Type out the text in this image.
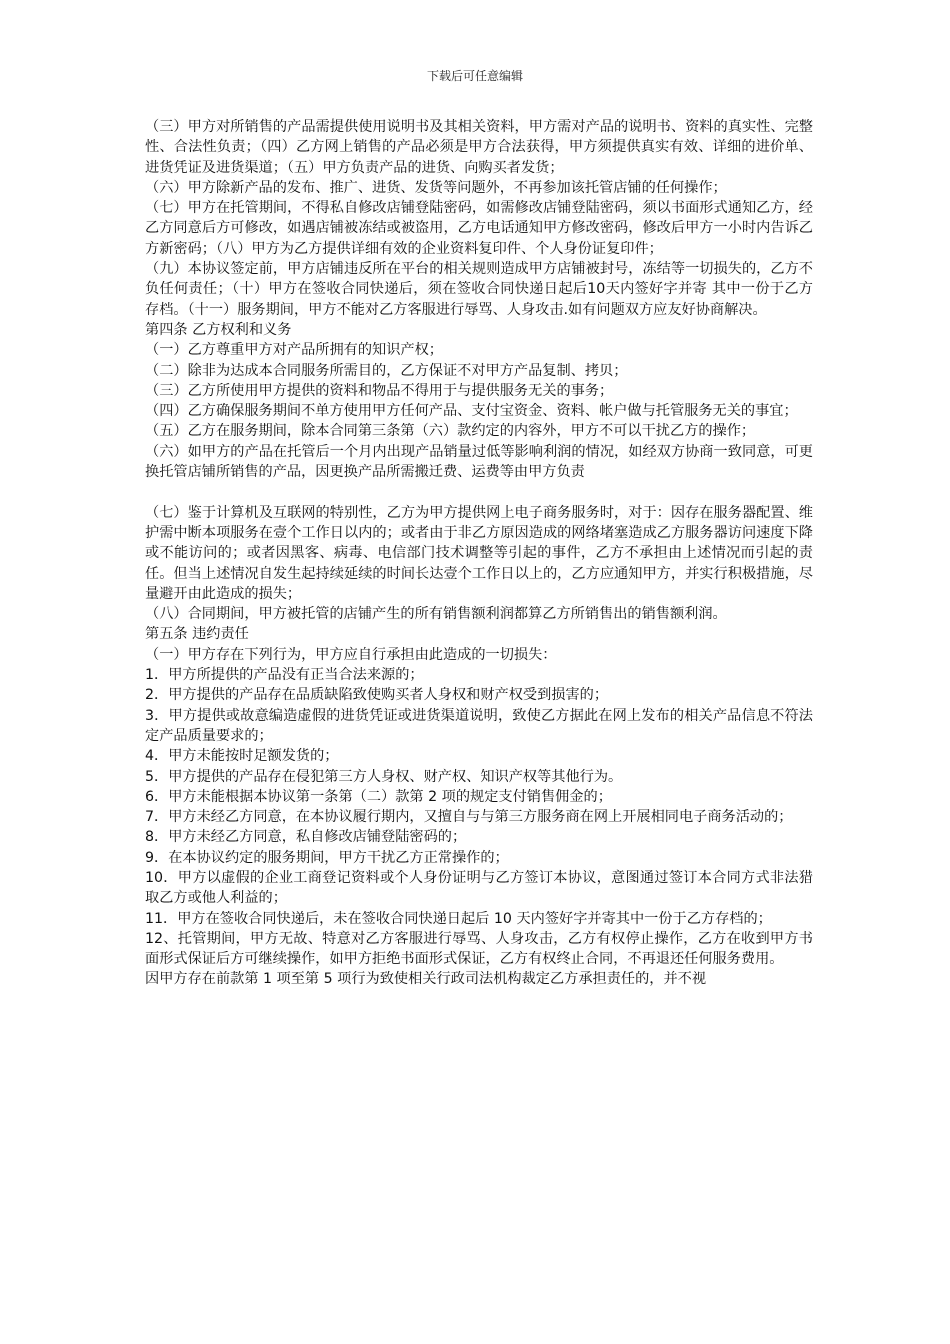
下载后可任意编辑

（三）甲方对所销售的产品需提供使用说明书及其相关资料，甲方需对产品的说明书、资料的真实性、完整性、合法性负责；（四）乙方网上销售的产品必须是甲方合法获得，甲方须提供真实有效、详细的进价单、进货凭证及进货渠道；（五）甲方负责产品的进货、向购买者发货；

（六）甲方除新产品的发布、推广、进货、发货等问题外，不再参加该托管店铺的任何操作；

（七）甲方在托管期间，不得私自修改店铺登陆密码，如需修改店铺登陆密码，须以书面形式通知乙方，经乙方同意后方可修改，如遇店铺被冻结或被盗用，乙方电话通知甲方修改密码，修改后甲方一小时内告诉乙方新密码；（八）甲方为乙方提供详细有效的企业资料复印件、个人身份证复印件；

（九）本协议签定前，甲方店铺违反所在平台的相关规则造成甲方店铺被封号，冻结等一切损失的，乙方不负任何责任；（十）甲方在签收合同快递后，须在签收合同快递日起后10天内签好字并寄 其中一份于乙方存档。（十一）服务期间，甲方不能对乙方客服进行辱骂、人身攻击.如有问题双方应友好协商解决。

第四条 乙方权利和义务

（一）乙方尊重甲方对产品所拥有的知识产权；

（二）除非为达成本合同服务所需目的，乙方保证不对甲方产品复制、拷贝；

（三）乙方所使用甲方提供的资料和物品不得用于与提供服务无关的事务；

（四）乙方确保服务期间不单方使用甲方任何产品、支付宝资金、资料、帐户做与托管服务无关的事宜；

（五）乙方在服务期间，除本合同第三条第（六）款约定的内容外，甲方不可以干扰乙方的操作；

（六）如甲方的产品在托管后一个月内出现产品销量过低等影响利润的情况，如经双方协商一致同意，可更换托管店铺所销售的产品，因更换产品所需搬迁费、运费等由甲方负责

（七）鉴于计算机及互联网的特别性，乙方为甲方提供网上电子商务服务时，对于：因存在服务器配置、维护需中断本项服务在壹个工作日以内的；或者由于非乙方原因造成的网络堵塞造成乙方服务器访问速度下降或不能访问的；或者因黑客、病毒、电信部门技术调整等引起的事件，乙方不承担由上述情况而引起的责任。但当上述情况自发生起持续延续的时间长达壹个工作日以上的，乙方应通知甲方，并实行积极措施，尽量避开由此造成的损失；

（八）合同期间，甲方被托管的店铺产生的所有销售额利润都算乙方所销售出的销售额利润。

第五条 违约责任

（一）甲方存在下列行为，甲方应自行承担由此造成的一切损失：

1．甲方所提供的产品没有正当合法来源的；

2．甲方提供的产品存在品质缺陷致使购买者人身权和财产权受到损害的；

3．甲方提供或故意编造虚假的进货凭证或进货渠道说明，致使乙方据此在网上发布的相关产品信息不符法定产品质量要求的；

4．甲方未能按时足额发货的；

5．甲方提供的产品存在侵犯第三方人身权、财产权、知识产权等其他行为。

6．甲方未能根据本协议第一条第（二）款第 2 项的规定支付销售佣金的；

7．甲方未经乙方同意，在本协议履行期内，又擅自与与第三方服务商在网上开展相同电子商务活动的；

8．甲方未经乙方同意，私自修改店铺登陆密码的；

9．在本协议约定的服务期间，甲方干扰乙方正常操作的；

10．甲方以虚假的企业工商登记资料或个人身份证明与乙方签订本协议，意图通过签订本合同方式非法猎取乙方或他人利益的；

11．甲方在签收合同快递后，未在签收合同快递日起后 10 天内签好字并寄其中一份于乙方存档的；

12、托管期间，甲方无故、特意对乙方客服进行辱骂、人身攻击，乙方有权停止操作，乙方在收到甲方书面形式保证后方可继续操作，如甲方拒绝书面形式保证，乙方有权终止合同，不再退还任何服务费用。

因甲方存在前款第 1 项至第 5 项行为致使相关行政司法机构裁定乙方承担责任的，并不视
